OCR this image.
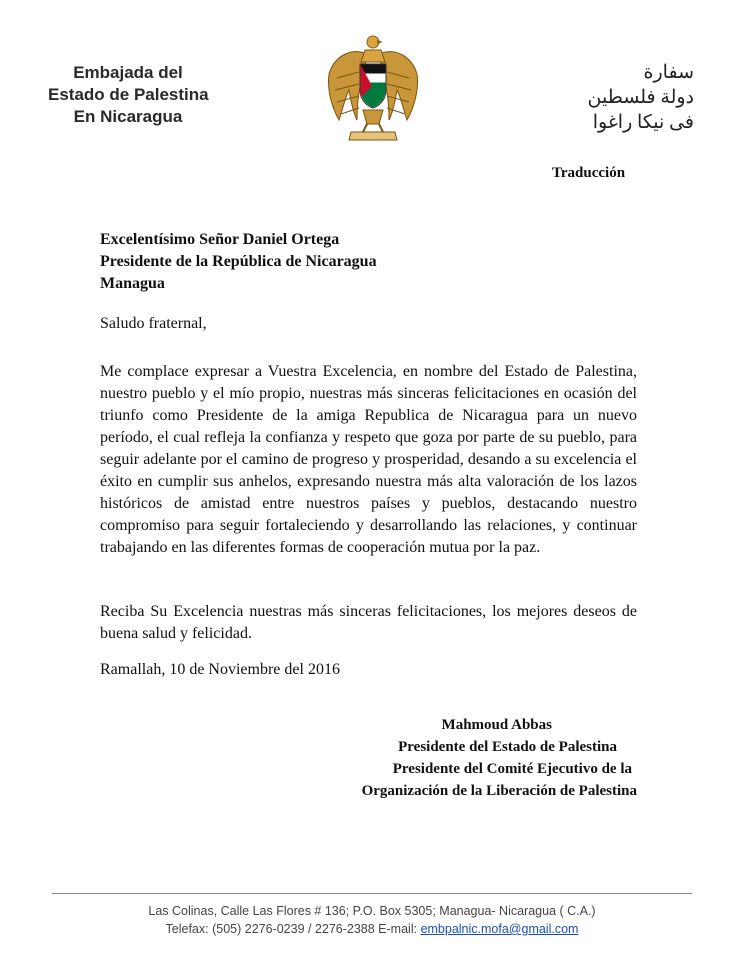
Embajada del
Estado de Palestina
En Nicaragua
سفارة
دولة فلسطين
فى نيكا راغوا
Traducción
Excelentísimo Señor Daniel Ortega
Presidente de la República de Nicaragua
Managua
Saludo fraternal,
Me complace expresar a Vuestra Excelencia, en nombre del Estado de Palestina, nuestro pueblo y el mío propio, nuestras más sinceras felicitaciones en ocasión del triunfo como Presidente de la amiga Republica de Nicaragua para un nuevo período, el cual refleja la confianza y respeto que goza por parte de su pueblo, para seguir adelante por el camino de progreso y prosperidad, desando a su excelencia el éxito en cumplir sus anhelos, expresando nuestra más alta valoración de los lazos históricos de amistad entre nuestros países y pueblos, destacando nuestro compromiso para seguir fortaleciendo y desarrollando las relaciones, y continuar trabajando en las diferentes formas de cooperación mutua por la paz.
Reciba Su Excelencia nuestras más sinceras felicitaciones, los mejores deseos de buena salud y felicidad.
Ramallah, 10 de Noviembre del 2016
Mahmoud Abbas
Presidente del Estado de Palestina
Presidente del Comité Ejecutivo de la
Organización de la Liberación de Palestina
Las Colinas, Calle Las Flores # 136; P.O. Box 5305; Managua- Nicaragua ( C.A.)
Telefax: (505) 2276-0239 / 2276-2388 E-mail: embpalnic.mofa@gmail.com
